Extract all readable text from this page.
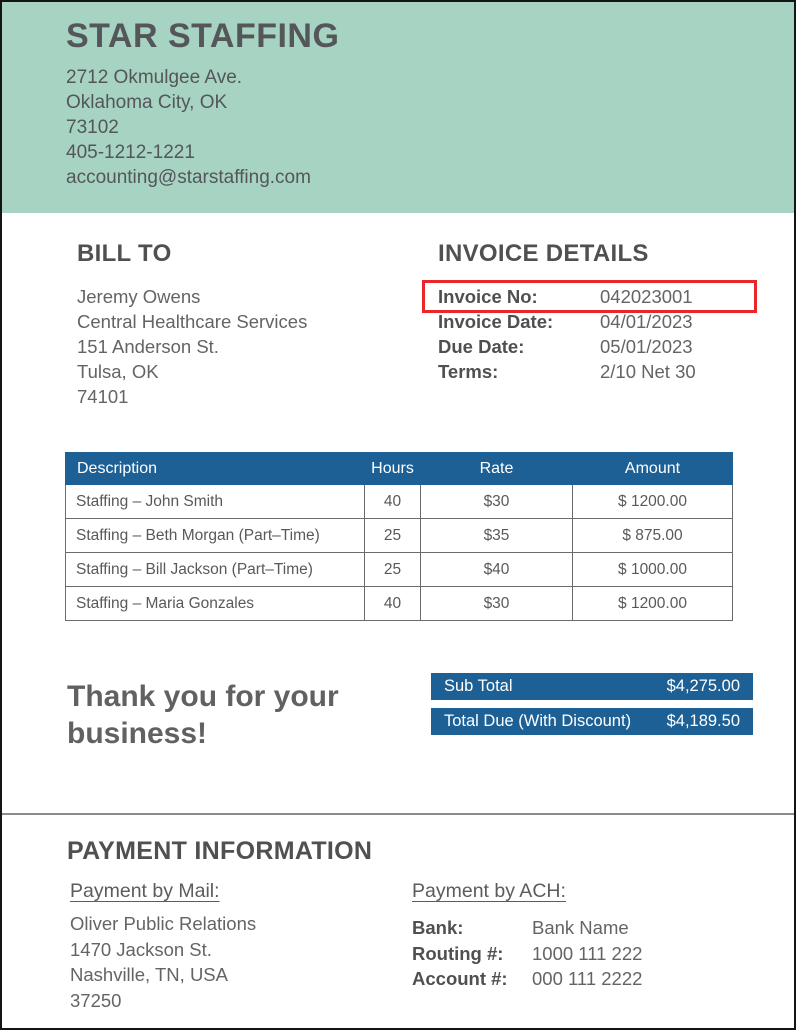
STAR STAFFING
2712 Okmulgee Ave.
Oklahoma City, OK
73102
405-1212-1221
accounting@starstaffing.com
BILL TO
Jeremy Owens
Central Healthcare Services
151 Anderson St.
Tulsa, OK
74101
INVOICE DETAILS
Invoice No:	042023001
Invoice Date:	04/01/2023
Due Date:	05/01/2023
Terms:	2/10 Net 30
Description	Hours	Rate	Amount
Staffing – John Smith	40	$30	$ 1200.00
Staffing – Beth Morgan (Part–Time)	25	$35	$ 875.00
Staffing – Bill Jackson (Part–Time)	25	$40	$ 1000.00
Staffing – Maria Gonzales	40	$30	$ 1200.00
Thank you for your business!
Sub Total	$4,275.00
Total Due (With Discount) $4,189.50
PAYMENT INFORMATION
Payment by Mail:
Oliver Public Relations
1470 Jackson St.
Nashville, TN, USA
37250
Payment by ACH:
Bank:	Bank Name
Routing #:	1000 111 222
Account #:	000 111 2222
